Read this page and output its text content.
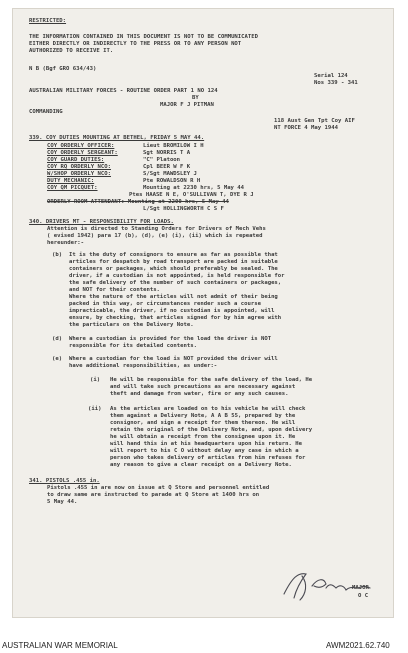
RESTRICTED:
THE INFORMATION CONTAINED IN THIS DOCUMENT IS NOT TO BE COMMUNICATED
EITHER DIRECTLY OR INDIRECTLY TO THE PRESS OR TO ANY PERSON NOT
AUTHORIZED TO RECEIVE IT.
N B (Bgf GRO 634/43)
Serial 124
Nos 339 - 341
AUSTRALIAN MILITARY FORCES - ROUTINE ORDER PART 1 NO 124
BY
MAJOR F J PITMAN
COMMANDING
118 Aust Gen Tpt Coy AIF
NT FORCE 4 May 1944
339. COY DUTIES MOUNTING AT BETHEL, FRIDAY 5 MAY 44.
COY ORDERLY OFFICER:	Lieut BROMILOW I H
COY ORDERLY SERGEANT:	Sgt NORRIS T A
COY GUARD DUTIES:	"C" Platoon
COY RQ ORDERLY NCO:	Cpl BEER W F K
W/SHOP ORDERLY NCO:	S/Sgt MAWDSLEY J
DUTY MECHANIC:	Pte ROWALDSON R H
COY QM PICQUET:	Mounting at 2230 hrs, 5 May 44
Ptes HAASE N E, O'SULLIVAN T, DYE R J
ORDERLY ROOM ATTENDANT: Mounting at 2200 hrs, 5 May 44
L/Sgt HOLLINGWORTH C S F
340. DRIVERS MT - RESPONSIBILITY FOR LOADS.
Attention is directed to Standing Orders for Drivers of Mech Vehs
( evised 1942) para 17 (b), (d), (e) (i), (ii) which is repeated
hereunder:-
(b) It is the duty of consignors to ensure as far as possible that
articles for despatch by road transport are packed in suitable
containers or packages, which should preferably be sealed. The
driver, if a custodian is not appointed, is held responsible for
the safe delivery of the number of such containers or packages,
and NOT for their contents.
Where the nature of the articles will not admit of their being
packed in this way, or circumstances render such a course
impracticable, the driver, if no custodian is appointed, will
ensure, by checking, that articles signed for by him agree with
the particulars on the Delivery Note.
(d) Where a custodian is provided for the load the driver is NOT
responsible for its detailed contents.
(e) Where a custodian for the load is NOT provided the driver will
have additional responsibilities, as under:-
(i) He will be responsible for the safe delivery of the load, He
and will take such precautions as are necessary against
theft and damage from water, fire or any such causes.
(ii) As the articles are loaded on to his vehicle he will check
them against a Delivery Note, A A B 55, prepared by the
consignor, and sign a receipt for them thereon. He will
retain the original of the Delivery Note, and, upon delivery
he will obtain a receipt from the consignee upon it. He
will hand this in at his headquarters upon his return. He
will report to his C O without delay any case in which a
person who takes delivery of articles from him refuses for
any reason to give a clear receipt on a Delivery Note.
341. PISTOLS .455 in.
Pistols .455 in are now on issue at Q Store and personnel entitled
to draw same are instructed to parade at Q Store at 1400 hrs on
5 May 44.
MAJOR
O C
AUSTRALIAN WAR MEMORIAL	AWM2021.62.740
